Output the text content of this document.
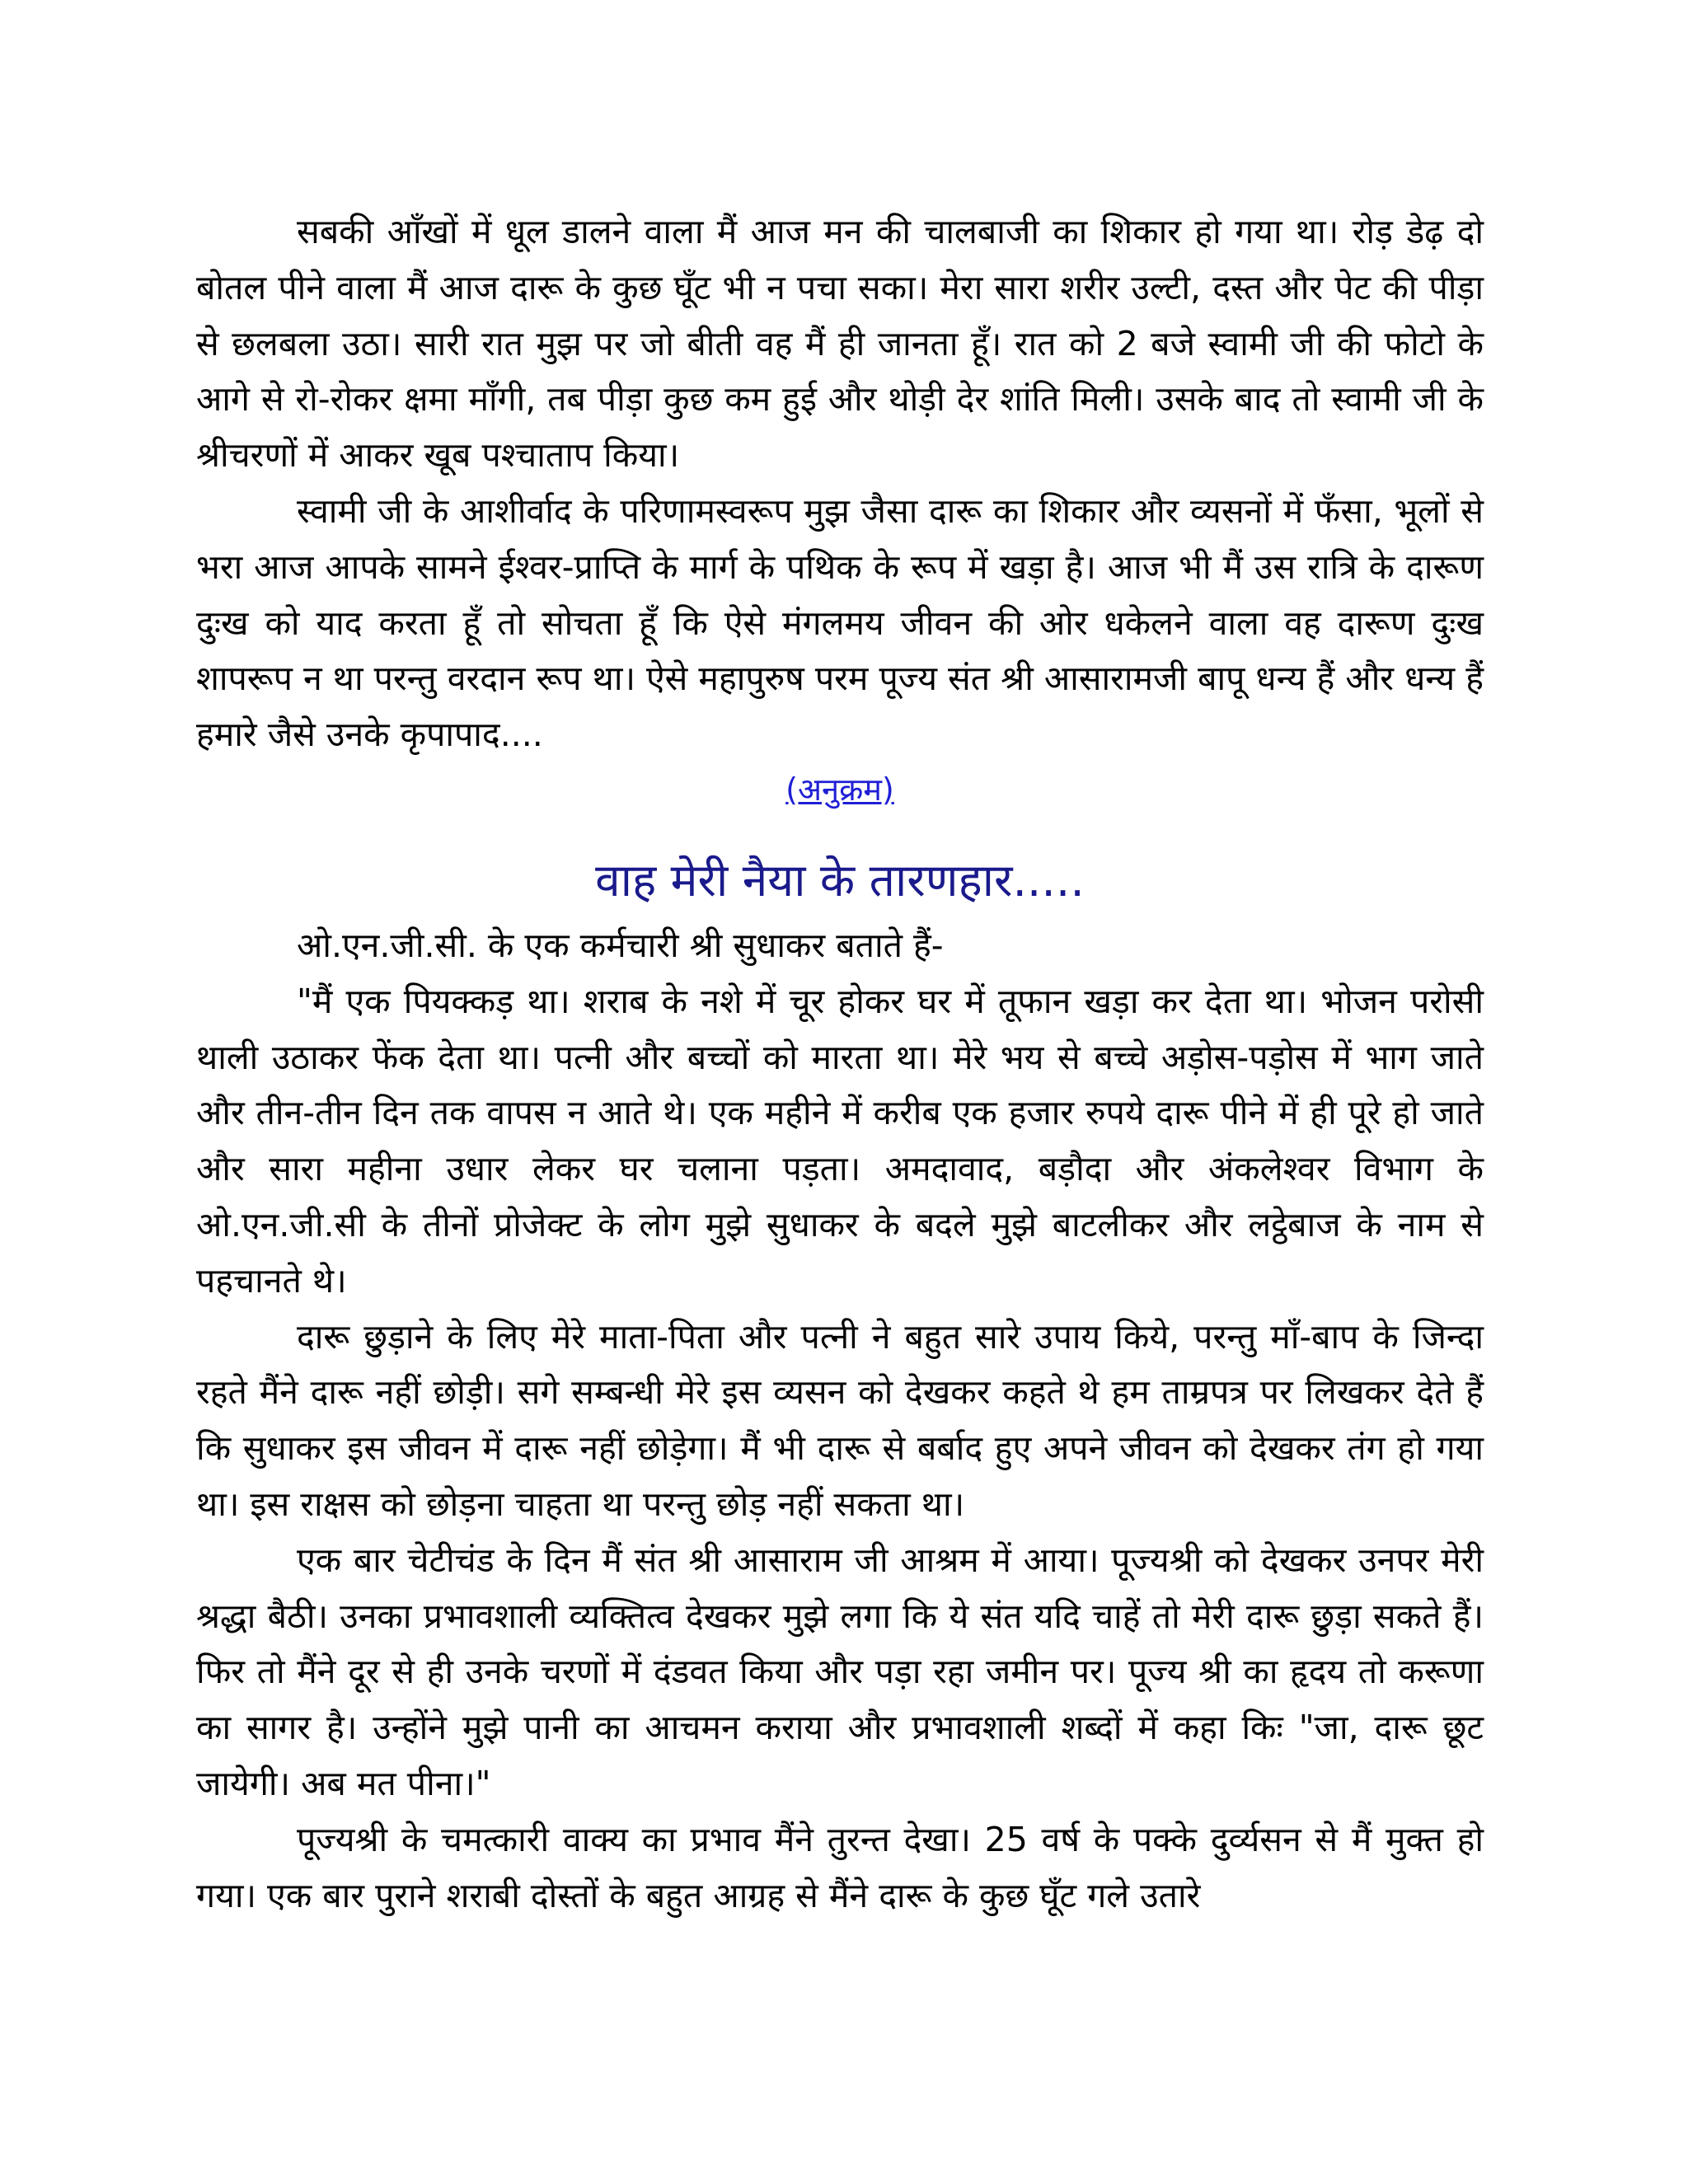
सबकी आँखों में धूल डालने वाला मैं आज मन की चालबाजी का शिकार हो गया था। रोड़ डेढ़ दो बोतल पीने वाला मैं आज दारू के कुछ घूँट भी न पचा सका। मेरा सारा शरीर उल्टी, दस्त और पेट की पीड़ा से छलबला उठा। सारी रात मुझ पर जो बीती वह मैं ही जानता हूँ। रात को 2 बजे स्वामी जी की फोटो के आगे से रो-रोकर क्षमा माँगी, तब पीड़ा कुछ कम हुई और थोड़ी देर शांति मिली। उसके बाद तो स्वामी जी के श्रीचरणों में आकर खूब पश्चाताप किया।

स्वामी जी के आशीर्वाद के परिणामस्वरूप मुझ जैसा दारू का शिकार और व्यसनों में फँसा, भूलों से भरा आज आपके सामने ईश्वर-प्राप्ति के मार्ग के पथिक के रूप में खड़ा है। आज भी मैं उस रात्रि के दारूण दुःख को याद करता हूँ तो सोचता हूँ कि ऐसे मंगलमय जीवन की ओर धकेलने वाला वह दारूण दुःख शापरूप न था परन्तु वरदान रूप था। ऐसे महापुरुष परम पूज्य संत श्री आसारामजी बापू धन्य हैं और धन्य हैं हमारे जैसे उनके कृपापाद....

(अनुक्रम)
वाह मेरी नैया के तारणहार.....

ओ.एन.जी.सी. के एक कर्मचारी श्री सुधाकर बताते हैं-

"मैं एक पियक्कड़ था। शराब के नशे में चूर होकर घर में तूफान खड़ा कर देता था। भोजन परोसी थाली उठाकर फेंक देता था। पत्नी और बच्चों को मारता था। मेरे भय से बच्चे अड़ोस-पड़ोस में भाग जाते और तीन-तीन दिन तक वापस न आते थे। एक महीने में करीब एक हजार रुपये दारू पीने में ही पूरे हो जाते और सारा महीना उधार लेकर घर चलाना पड़ता। अमदावाद, बड़ौदा और अंकलेश्वर विभाग के ओ.एन.जी.सी के तीनों प्रोजेक्ट के लोग मुझे सुधाकर के बदले मुझे बाटलीकर और लट्ठेबाज के नाम से पहचानते थे।

दारू छुड़ाने के लिए मेरे माता-पिता और पत्नी ने बहुत सारे उपाय किये, परन्तु माँ-बाप के जिन्दा रहते मैंने दारू नहीं छोड़ी। सगे सम्बन्धी मेरे इस व्यसन को देखकर कहते थे हम ताम्रपत्र पर लिखकर देते हैं कि सुधाकर इस जीवन में दारू नहीं छोड़ेगा। मैं भी दारू से बर्बाद हुए अपने जीवन को देखकर तंग हो गया था। इस राक्षस को छोड़ना चाहता था परन्तु छोड़ नहीं सकता था।

एक बार चेटीचंड के दिन मैं संत श्री आसाराम जी आश्रम में आया। पूज्यश्री को देखकर उनपर मेरी श्रद्धा बैठी। उनका प्रभावशाली व्यक्तित्व देखकर मुझे लगा कि ये संत यदि चाहें तो मेरी दारू छुड़ा सकते हैं। फिर तो मैंने दूर से ही उनके चरणों में दंडवत किया और पड़ा रहा जमीन पर। पूज्य श्री का हृदय तो करूणा का सागर है। उन्होंने मुझे पानी का आचमन कराया और प्रभावशाली शब्दों में कहा किः "जा, दारू छूट जायेगी। अब मत पीना।"

पूज्यश्री के चमत्कारी वाक्य का प्रभाव मैंने तुरन्त देखा। 25 वर्ष के पक्के दुर्व्यसन से मैं मुक्त हो गया। एक बार पुराने शराबी दोस्तों के बहुत आग्रह से मैंने दारू के कुछ घूँट गले उतारे
